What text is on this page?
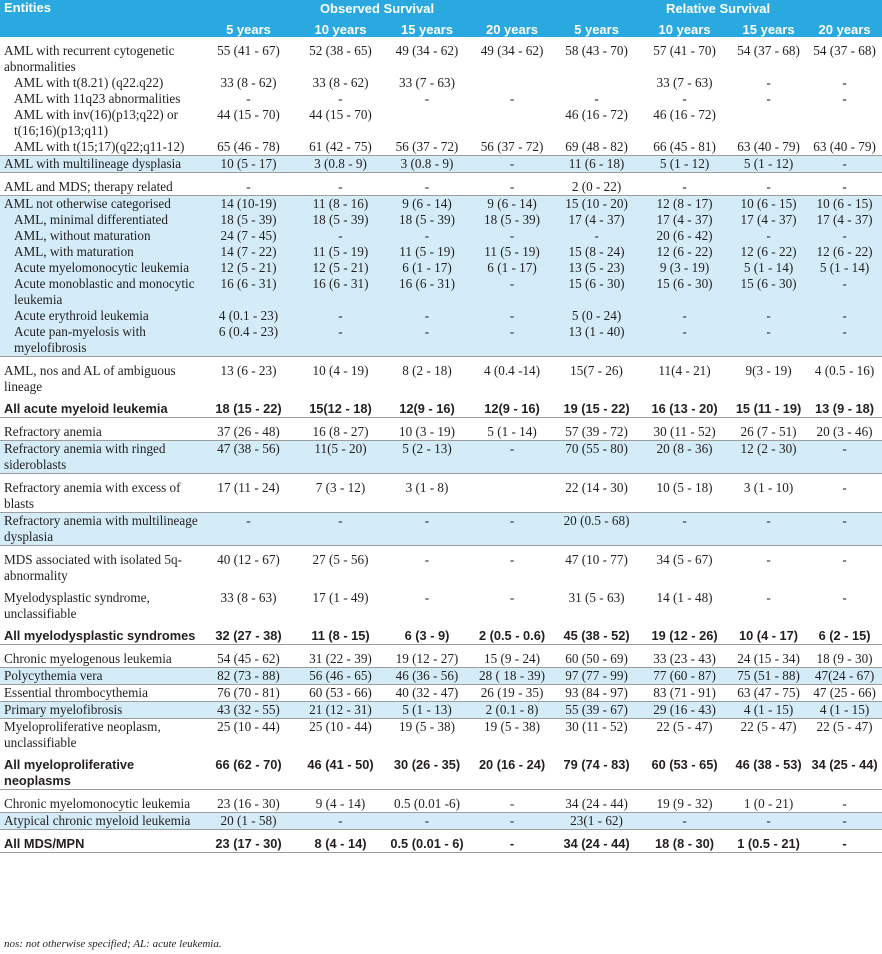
Entities	Observed Survival				Relative Survival			
	5 years	10 years	15 years	20 years	5 years	10 years	15 years	20 years
AML with recurrent cytogenetic abnormalities	55 (41 - 67)	52 (38 - 65)	49 (34 - 62)	49 (34 - 62)	58 (43 - 70)	57 (41 - 70)	54 (37 - 68)	54 (37 - 68)
AML with t(8.21) (q22.q22)	33 (8 - 62)	33 (8 - 62)	33 (7 - 63)			33 (7 - 63)	-	-
AML with 11q23 abnormalities	-	-	-	-	-	-	-	-
AML with inv(16)(p13;q22) or t(16;16)(p13;q11)	44 (15 - 70)	44 (15 - 70)			46 (16 - 72)	46 (16 - 72)		
AML with t(15;17)(q22;q11-12)	65 (46 - 78)	61 (42 - 75)	56 (37 - 72)	56 (37 - 72)	69 (48 - 82)	66 (45 - 81)	63 (40 - 79)	63 (40 - 79)
AML with multilineage dysplasia	10 (5 - 17)	3 (0.8 - 9)	3 (0.8 - 9)	-	11 (6 - 18)	5 (1 - 12)	5 (1 - 12)	-
AML and MDS; therapy related	-	-	-	-	2 (0 - 22)	-	-	-
AML not otherwise categorised	14 (10-19)	11 (8 - 16)	9 (6 - 14)	9 (6 - 14)	15 (10 - 20)	12 (8 - 17)	10 (6 - 15)	10 (6 - 15)
AML, minimal differentiated	18 (5 - 39)	18 (5 - 39)	18 (5 - 39)	18 (5 - 39)	17 (4 - 37)	17 (4 - 37)	17 (4 - 37)	17 (4 - 37)
AML, without maturation	24 (7 - 45)	-	-	-	-	20 (6 - 42)	-	-
AML, with maturation	14 (7 - 22)	11 (5 - 19)	11 (5 - 19)	11 (5 - 19)	15 (8 - 24)	12 (6 - 22)	12 (6 - 22)	12 (6 - 22)
Acute myelomonocytic leukemia	12 (5 - 21)	12 (5 - 21)	6 (1 - 17)	6 (1 - 17)	13 (5 - 23)	9 (3 - 19)	5 (1 - 14)	5 (1 - 14)
Acute monoblastic and monocytic leukemia	16 (6 - 31)	16 (6 - 31)	16 (6 - 31)	-	15 (6 - 30)	15 (6 - 30)	15 (6 - 30)	-
Acute erythroid leukemia	4 (0.1 - 23)	-	-	-	5 (0 - 24)	-	-	-
Acute pan-myelosis with myelofibrosis	6 (0.4 - 23)	-	-	-	13 (1 - 40)	-	-	-
AML, nos and AL of ambiguous lineage	13 (6 - 23)	10 (4 - 19)	8 (2 - 18)	4 (0.4 -14)	15(7 - 26)	11(4 - 21)	9(3 - 19)	4 (0.5 - 16)
All acute myeloid leukemia	18 (15 - 22)	15(12 - 18)	12(9 - 16)	12(9 - 16)	19 (15 - 22)	16 (13 - 20)	15 (11 - 19)	13 (9 - 18)
Refractory anemia	37 (26 - 48)	16 (8 - 27)	10 (3 - 19)	5 (1 - 14)	57 (39 - 72)	30 (11 - 52)	26 (7 - 51)	20 (3 - 46)
Refractory anemia with ringed sideroblasts	47 (38 - 56)	11(5 - 20)	5 (2 - 13)	-	70 (55 - 80)	20 (8 - 36)	12 (2 - 30)	-
Refractory anemia with excess of blasts	17 (11 - 24)	7 (3 - 12)	3 (1 - 8)		22 (14 - 30)	10 (5 - 18)	3 (1 - 10)	-
Refractory anemia with multilineage dysplasia	-	-	-	-	20 (0.5 - 68)	-	-	-
MDS associated with isolated 5q- abnormality	40 (12 - 67)	27 (5 - 56)	-	-	47 (10 - 77)	34 (5 - 67)	-	-
Myelodysplastic syndrome, unclassifiable	33 (8 - 63)	17 (1 - 49)	-	-	31 (5 - 63)	14 (1 - 48)	-	-
All myelodysplastic syndromes	32 (27 - 38)	11 (8 - 15)	6 (3 - 9)	2 (0.5 - 0.6)	45 (38 - 52)	19 (12 - 26)	10 (4 - 17)	6 (2 - 15)
Chronic myelogenous leukemia	54 (45 - 62)	31 (22 - 39)	19 (12 - 27)	15 (9 - 24)	60 (50 - 69)	33 (23 - 43)	24 (15 - 34)	18 (9 - 30)
Polycythemia vera	82 (73 - 88)	56 (46 - 65)	46 (36 - 56)	28 ( 18 - 39)	97 (77 - 99)	77 (60 - 87)	75 (51 - 88)	47(24 - 67)
Essential thrombocythemia	76 (70 - 81)	60 (53 - 66)	40 (32 - 47)	26 (19 - 35)	93 (84 - 97)	83 (71 - 91)	63 (47 - 75)	47 (25 - 66)
Primary myelofibrosis	43 (32 - 55)	21 (12 - 31)	5 (1 - 13)	2 (0.1 - 8)	55 (39 - 67)	29 (16 - 43)	4 (1 - 15)	4 (1 - 15)
Myeloproliferative neoplasm, unclassifiable	25 (10 - 44)	25 (10 - 44)	19 (5 - 38)	19 (5 - 38)	30 (11 - 52)	22 (5 - 47)	22 (5 - 47)	22 (5 - 47)
All myeloproliferative neoplasms	66 (62 - 70)	46 (41 - 50)	30 (26 - 35)	20 (16 - 24)	79 (74 - 83)	60 (53 - 65)	46 (38 - 53)	34 (25 - 44)
Chronic myelomonocytic leukemia	23 (16 - 30)	9 (4 - 14)	0.5 (0.01 -6)	-	34 (24 - 44)	19 (9 - 32)	1 (0 - 21)	-
Atypical chronic myeloid leukemia	20 (1 - 58)	-	-	-	23(1 - 62)	-	-	-
All MDS/MPN	23 (17 - 30)	8 (4 - 14)	0.5 (0.01 - 6)	-	34 (24 - 44)	18 (8 - 30)	1 (0.5 - 21)	-
nos: not otherwise specified; AL: acute leukemia.
